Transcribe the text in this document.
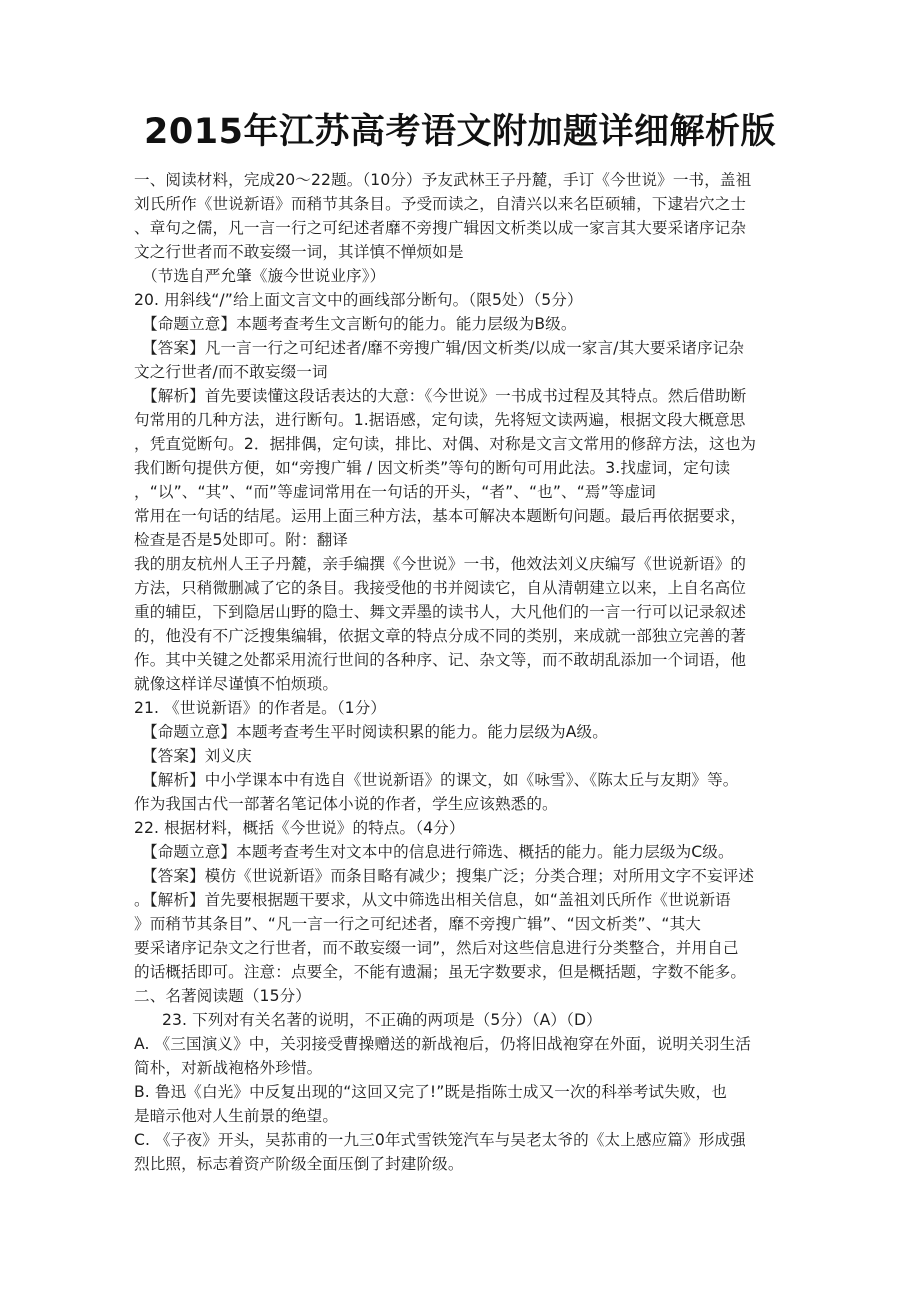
2015年江苏高考语文附加题详细解析版
一、阅读材料，完成20～22题。（10分）予友武林王子丹麓，手订《今世说》一书，盖祖
刘氏所作《世说新语》而稍节其条目。予受而读之，自清兴以来名臣硕辅，下逮岩穴之士
、章句之儒，凡一言一行之可纪述者靡不旁搜广辑因文析类以成一家言其大要采诸序记杂
文之行世者而不敢妄缀一词，其详慎不惮烦如是
（节选自严允肇《旇今世说业序》）
20. 用斜线“/”给上面文言文中的画线部分断句。（限5处）（5分）
【命题立意】本题考查考生文言断句的能力。能力层级为B级。
【答案】凡一言一行之可纪述者/靡不旁搜广辑/因文析类/以成一家言/其大要采诸序记杂
文之行世者/而不敢妄缀一词
【解析】首先要读懂这段话表达的大意：《今世说》一书成书过程及其特点。然后借助断
句常用的几种方法，进行断句。1.据语感，定句读，先将短文读两遍，根据文段大概意思
，凭直觉断句。2．据排偶，定句读，排比、对偶、对称是文言文常用的修辞方法，这也为
我们断句提供方便，如“旁搜广辑 / 因文析类”等句的断句可用此法。3.找虚词，定句读
，“以”、“其”、“而”等虚词常用在一句话的开头，“者”、“也”、“焉”等虚词
常用在一句话的结尾。运用上面三种方法，基本可解决本题断句问题。最后再依据要求，
检查是否是5处即可。附：翻译
我的朋友杭州人王子丹麓，亲手编撰《今世说》一书，他效法刘义庆编写《世说新语》的
方法，只稍微删减了它的条目。我接受他的书并阅读它，自从清朝建立以来，上自名高位
重的辅臣，下到隐居山野的隐士、舞文弄墨的读书人，大凡他们的一言一行可以记录叙述
的，他没有不广泛搜集编辑，依据文章的特点分成不同的类别，来成就一部独立完善的著
作。其中关键之处都采用流行世间的各种序、记、杂文等，而不敢胡乱添加一个词语，他
就像这样详尽谨慎不怕烦琐。
21. 《世说新语》的作者是。（1分）
【命题立意】本题考查考生平时阅读积累的能力。能力层级为A级。
【答案】刘义庆
【解析】中小学课本中有选自《世说新语》的课文，如《咏雪》、《陈太丘与友期》等。
作为我国古代一部著名笔记体小说的作者，学生应该熟悉的。
22. 根据材料，概括《今世说》的特点。（4分）
【命题立意】本题考查考生对文本中的信息进行筛选、概括的能力。能力层级为C级。
【答案】模仿《世说新语》而条目略有减少；搜集广泛；分类合理；对所用文字不妄评述
。【解析】首先要根据题干要求，从文中筛选出相关信息，如“盖祖刘氏所作《世说新语
》而稍节其条目”、“凡一言一行之可纪述者，靡不旁搜广辑”、“因文析类”、“其大
要采诸序记杂文之行世者，而不敢妄缀一词”，然后对这些信息进行分类整合，并用自己
的话概括即可。注意：点要全，不能有遗漏；虽无字数要求，但是概括题，字数不能多。
二、名著阅读题（15分）
23. 下列对有关名著的说明，不正确的两项是（5分）（A）（D）
A. 《三国演义》中，关羽接受曹操赠送的新战袍后，仍将旧战袍穿在外面，说明关羽生活
简朴，对新战袍格外珍惜。
B. 鲁迅《白光》中反复出现的“这回又完了!”既是指陈士成又一次的科举考试失败，也
是暗示他对人生前景的绝望。
C. 《子夜》开头，吴荪甫的一九三0年式雪铁笼汽车与吴老太爷的《太上感应篇》形成强
烈比照，标志着资产阶级全面压倒了封建阶级。
